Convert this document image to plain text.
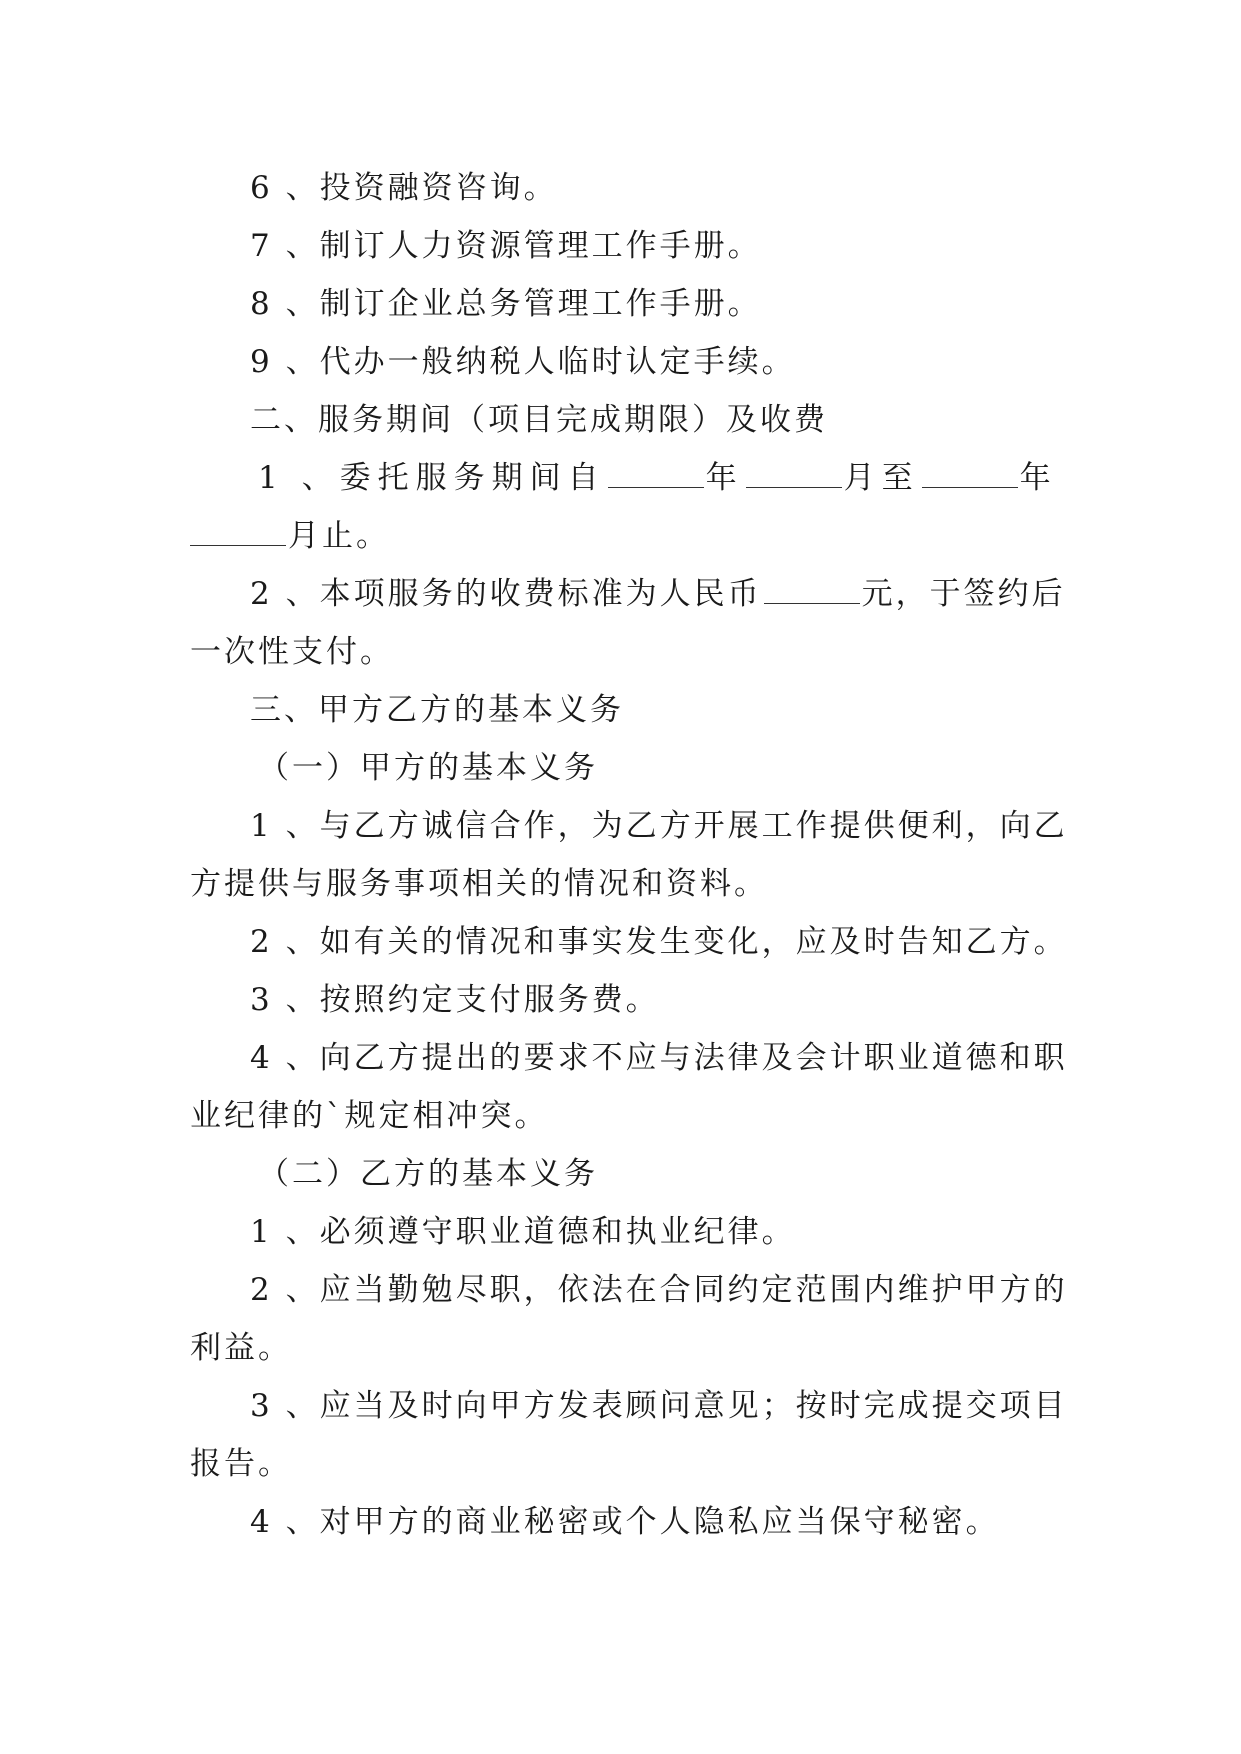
6 、投资融资咨询。
7 、制订人力资源管理工作手册。
8 、制订企业总务管理工作手册。
9 、代办一般纳税人临时认定手续。
二、服务期间（项目完成期限）及收费
1 、委托服务期间自	年	月至	年
月止。
2 、本项服务的收费标准为人民币	元，于签约后
一次性支付。
三、甲方乙方的基本义务
（一）甲方的基本义务
1 、与乙方诚信合作，为乙方开展工作提供便利，向乙
方提供与服务事项相关的情况和资料。
2 、如有关的情况和事实发生变化，应及时告知乙方。
3 、按照约定支付服务费。
4 、向乙方提出的要求不应与法律及会计职业道德和职
业纪律的`规定相冲突。
（二）乙方的基本义务
1 、必须遵守职业道德和执业纪律。
2 、应当勤勉尽职，依法在合同约定范围内维护甲方的
利益。
3 、应当及时向甲方发表顾问意见；按时完成提交项目
报告。
4 、对甲方的商业秘密或个人隐私应当保守秘密。
